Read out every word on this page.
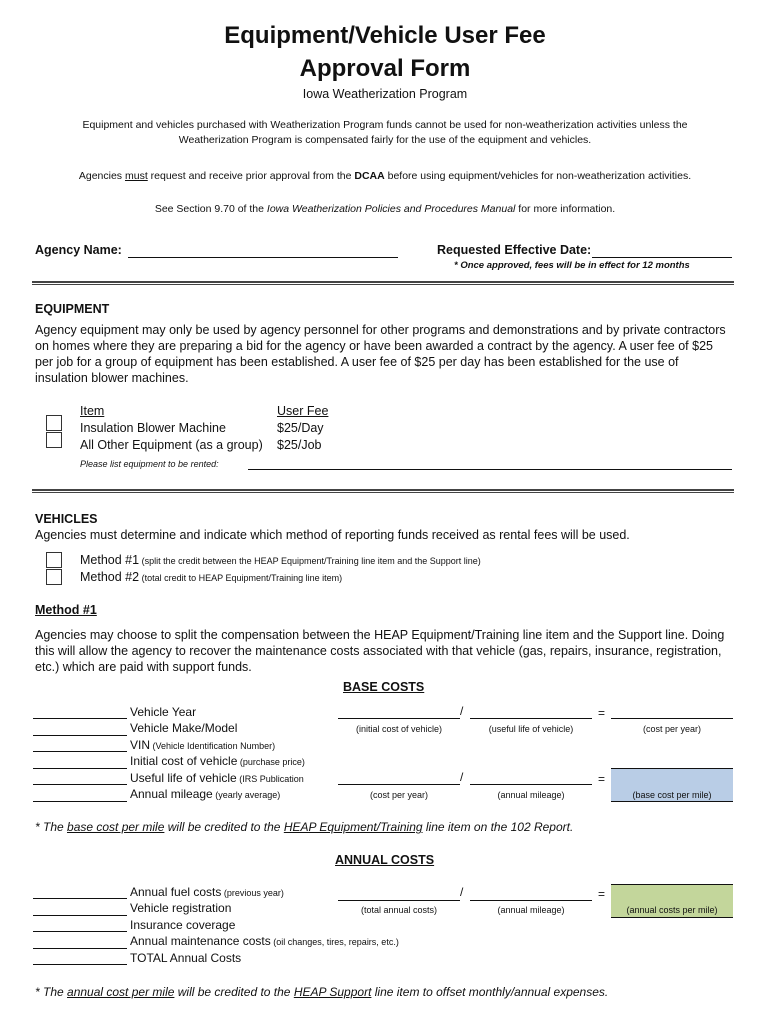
Equipment/Vehicle User Fee
Approval Form
Iowa Weatherization Program
Equipment and vehicles purchased with Weatherization Program funds cannot be used for non-weatherization activities unless the
Weatherization Program is compensated fairly for the use of the equipment and vehicles.
Agencies must request and receive prior approval from the DCAA before using equipment/vehicles for non-weatherization activities.
See Section 9.70 of the Iowa Weatherization Policies and Procedures Manual for more information.
Agency Name:	Requested Effective Date:
* Once approved, fees will be in effect for 12 months
EQUIPMENT
Agency equipment may only be used by agency personnel for other programs and demonstrations and by private contractors
on homes where they are preparing a bid for the agency or have been awarded a contract by the agency. A user fee of $25
per job for a group of equipment has been established. A user fee of $25 per day has been established for the use of
insulation blower machines.
Item	User Fee
Insulation Blower Machine	$25/Day
All Other Equipment (as a group) $25/Job
Please list equipment to be rented:
VEHICLES
Agencies must determine and indicate which method of reporting funds received as rental fees will be used.
Method #1 (split the credit between the HEAP Equipment/Training line item and the Support line)
Method #2 (total credit to HEAP Equipment/Training line item)
Method #1
Agencies may choose to split the compensation between the HEAP Equipment/Training line item and the Support line. Doing
this will allow the agency to recover the maintenance costs associated with that vehicle (gas, repairs, insurance, registration,
etc.) which are paid with support funds.
BASE COSTS
Vehicle Year
Vehicle Make/Model
VIN (Vehicle Identification Number)
Initial cost of vehicle (purchase price)
Useful life of vehicle (IRS Publication
Annual mileage (yearly average)
/	=
(initial cost of vehicle)	(useful life of vehicle)	(cost per year)
/	=
(cost per year)	(annual mileage)	(base cost per mile)
* The base cost per mile will be credited to the HEAP Equipment/Training line item on the 102 Report.
ANNUAL COSTS
Annual fuel costs (previous year)
Vehicle registration
Insurance coverage
Annual maintenance costs (oil changes, tires, repairs, etc.)
TOTAL Annual Costs
/	=
(total annual costs)	(annual mileage)	(annual costs per mile)
* The annual cost per mile will be credited to the HEAP Support line item to offset monthly/annual expenses.
